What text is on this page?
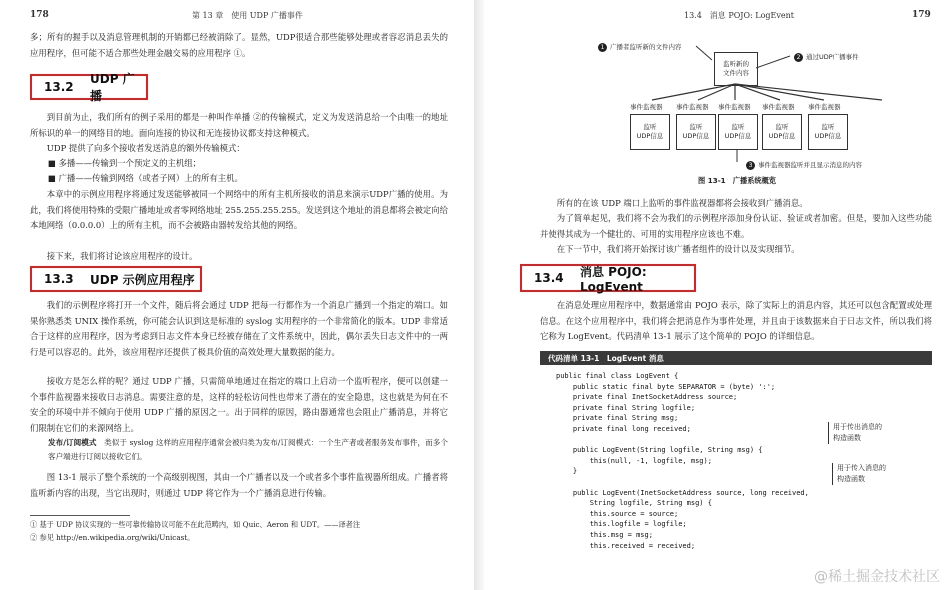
178	第 13 章　使用 UDP 广播事件
多；所有的握手以及消息管理机制的开销都已经被消除了。显然，UDP很适合那些能够处理或者容忍消息丢失的应用程序，但可能不适合那些处理金融交易的应用程序 ①。
13.2
UDP 广播
到目前为止，我们所有的例子采用的都是一种叫作单播 ②的传输模式，定义为发送消息给一个由唯一的地址所标识的单一的网络目的地。面向连接的协议和无连接协议都支持这种模式。
UDP 提供了向多个接收者发送消息的额外传输模式：
■ 多播——传输到一个预定义的主机组；
■ 广播——传输到网络（或者子网）上的所有主机。
本章中的示例应用程序将通过发送能够被同一个网络中的所有主机所接收的消息来演示UDP广播的使用。为此，我们将使用特殊的受限广播地址或者零网络地址 255.255.255.255。发送到这个地址的消息都将会被定向给本地网络（0.0.0.0）上的所有主机，而不会被路由器转发给其他的网络。
接下来，我们将讨论该应用程序的设计。
13.3	UDP 示例应用程序
我们的示例程序将打开一个文件，随后将会通过 UDP 把每一行都作为一个消息广播到一个指定的端口。如果你熟悉类 UNIX 操作系统，你可能会认识到这是标准的 syslog 实用程序的一个非常简化的版本。UDP 非常适合于这样的应用程序，因为考虑到日志文件本身已经被存储在了文件系统中，因此，偶尔丢失日志文件中的一两行是可以容忍的。此外，该应用程序还提供了极具价值的高效处理大量数据的能力。
接收方是怎么样的呢？通过 UDP 广播，只需简单地通过在指定的端口上启动一个监听程序，便可以创建一个事件监视器来接收日志消息。需要注意的是，这样的轻松访问性也带来了潜在的安全隐患，这也就是为何在不安全的环境中并不倾向于使用 UDP 广播的原因之一。出于同样的原因，路由器通常也会阻止广播消息，并将它们限制在它们的来源网络上。
发布/订阅模式　 类似于 syslog 这样的应用程序通常会被归类为发布/订阅模式：一个生产者或者服务发布事件，而多个客户端进行订阅以接收它们。
图 13-1 展示了整个系统的一个高级别视图，其由一个广播者以及一个或者多个事件监视器所组成。广播者将监听新内容的出现，当它出现时，则通过 UDP 将它作为一个广播消息进行传输。
① 基于 UDP 协议实现的一些可靠传输协议可能不在此范畴内，如 Quic、Aeron 和 UDT。——译者注
② 参见 http://en.wikipedia.org/wiki/Unicast。
13.4　消息 POJO: LogEvent	179
1 广播者监听新的文件内容
2 通过UDP广播事件
监听新的
文件内容
事件监视器 事件监视器 事件监视器 事件监视器 事件监视器
监听
UDP信息
监听
UDP信息
监听
UDP信息
监听
UDP信息
监听
UDP信息
3 事件监视器监听并且显示消息的内容
图 13-1　广播系统概览
所有的在该 UDP 端口上监听的事件监视器都将会接收到广播消息。
为了简单起见，我们将不会为我们的示例程序添加身份认证、验证或者加密。但是，要加入这些功能并使得其成为一个健壮的、可用的实用程序应该也不难。
在下一节中，我们将开始探讨该广播者组件的设计以及实现细节。
13.4	消息 POJO: LogEvent
在消息处理应用程序中，数据通常由 POJO 表示，除了实际上的消息内容，其还可以包含配置或处理信息。在这个应用程序中，我们将会把消息作为事件处理，并且由于该数据来自于日志文件，所以我们将它称为 LogEvent。代码清单 13-1 展示了这个简单的 POJO 的详细信息。
代码清单 13-1　LogEvent 消息
public final class LogEvent {
public static final byte SEPARATOR = (byte) ':';
private final InetSocketAddress source;
private final String logfile;
private final String msg;
private final long received;

public LogEvent(String logfile, String msg) {
this(null, -1, logfile, msg);
}

public LogEvent(InetSocketAddress source, long received,
String logfile, String msg) {
this.source = source;
this.logfile = logfile;
this.msg = msg;
this.received = received;
用于传出消息的
构造函数
用于传入消息的
构造函数
@稀土掘金技术社区
